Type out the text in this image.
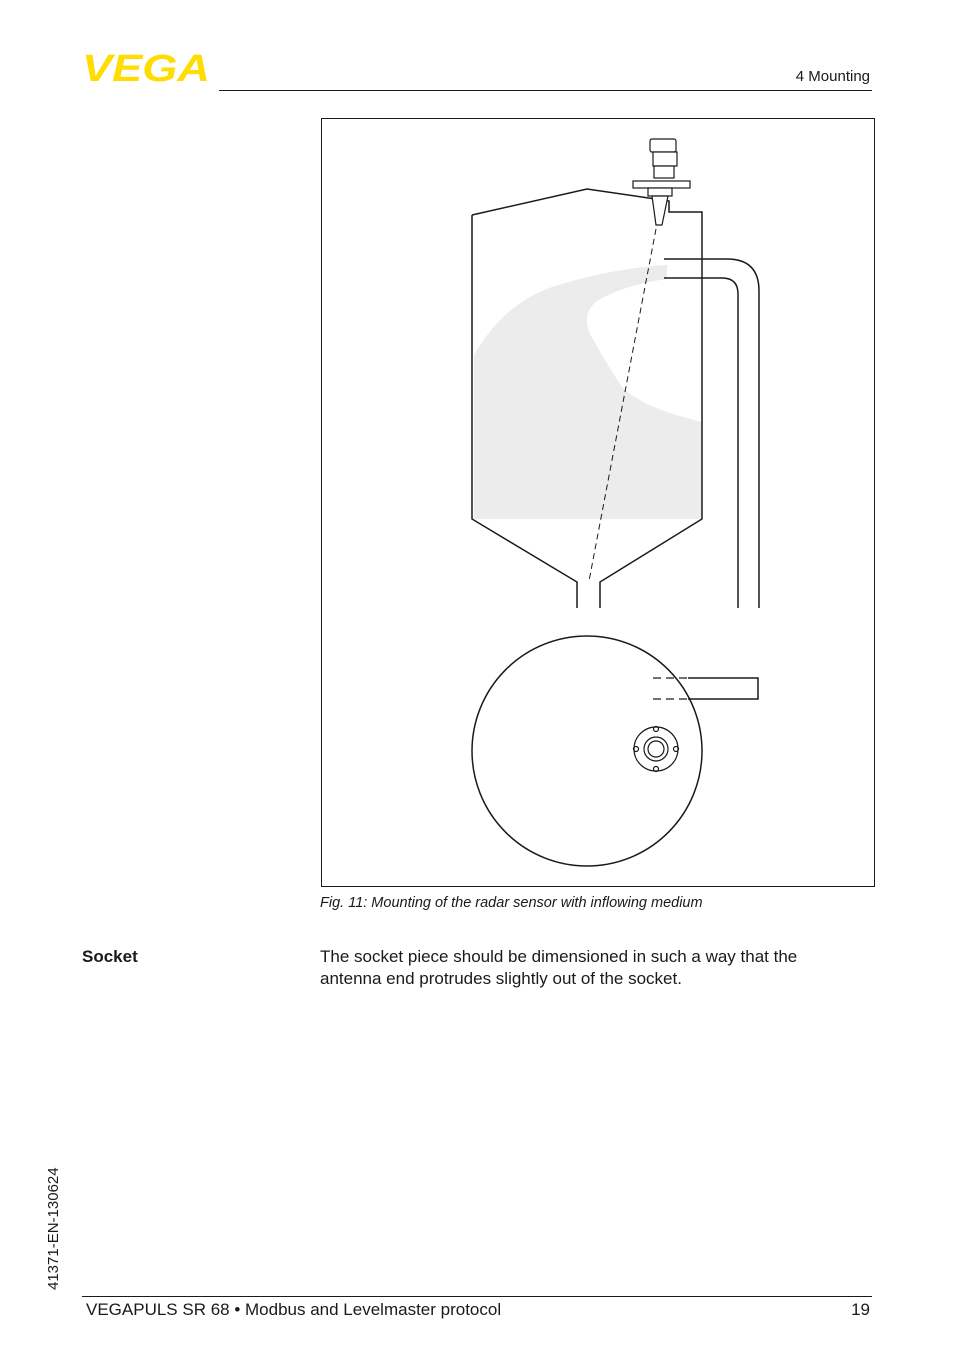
VEGA	4 Mounting
Fig. 11: Mounting of the radar sensor with inflowing medium
Socket	The socket piece should be dimensioned in such a way that the antenna end protrudes slightly out of the socket.
41371-EN-130624
VEGAPULS SR 68 • Modbus and Levelmaster protocol	19
